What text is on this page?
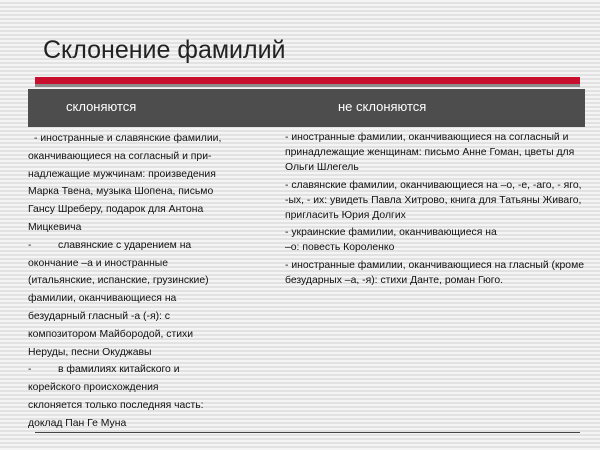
Склонение фамилий
склоняются	не склоняются
- иностранные и славянские фамилии,
оканчивающиеся на согласный и при-
надлежащие мужчинам: произведения
Марка Твена, музыка Шопена, письмо
Гансу Шреберу, подарок для Антона
Мицкевича
-	славянские с ударением на
окончание –а и иностранные
(итальянские, испанские, грузинские)
фамилии, оканчивающиеся на
безударный гласный -а (-я): с
композитором Майбородой, стихи
Неруды, песни Окуджавы
-	в фамилиях китайского и
корейского происхождения
склоняется только последняя часть:
доклад Пан Ге Муна
- иностранные фамилии, оканчивающиеся на согласный и
принадлежащие женщинам: письмо Анне Гоман, цветы для
Ольги Шлегель
- славянские фамилии, оканчивающиеся на –о, -е, -аго, - яго,
-ых, - их: увидеть Павла Хитрово, книга для Татьяны Живаго,
пригласить Юрия Долгих
- украинские фамилии, оканчивающиеся на
–о: повесть Короленко
- иностранные фамилии, оканчивающиеся на гласный (кроме
безударных –а, -я): стихи Данте, роман Гюго.
